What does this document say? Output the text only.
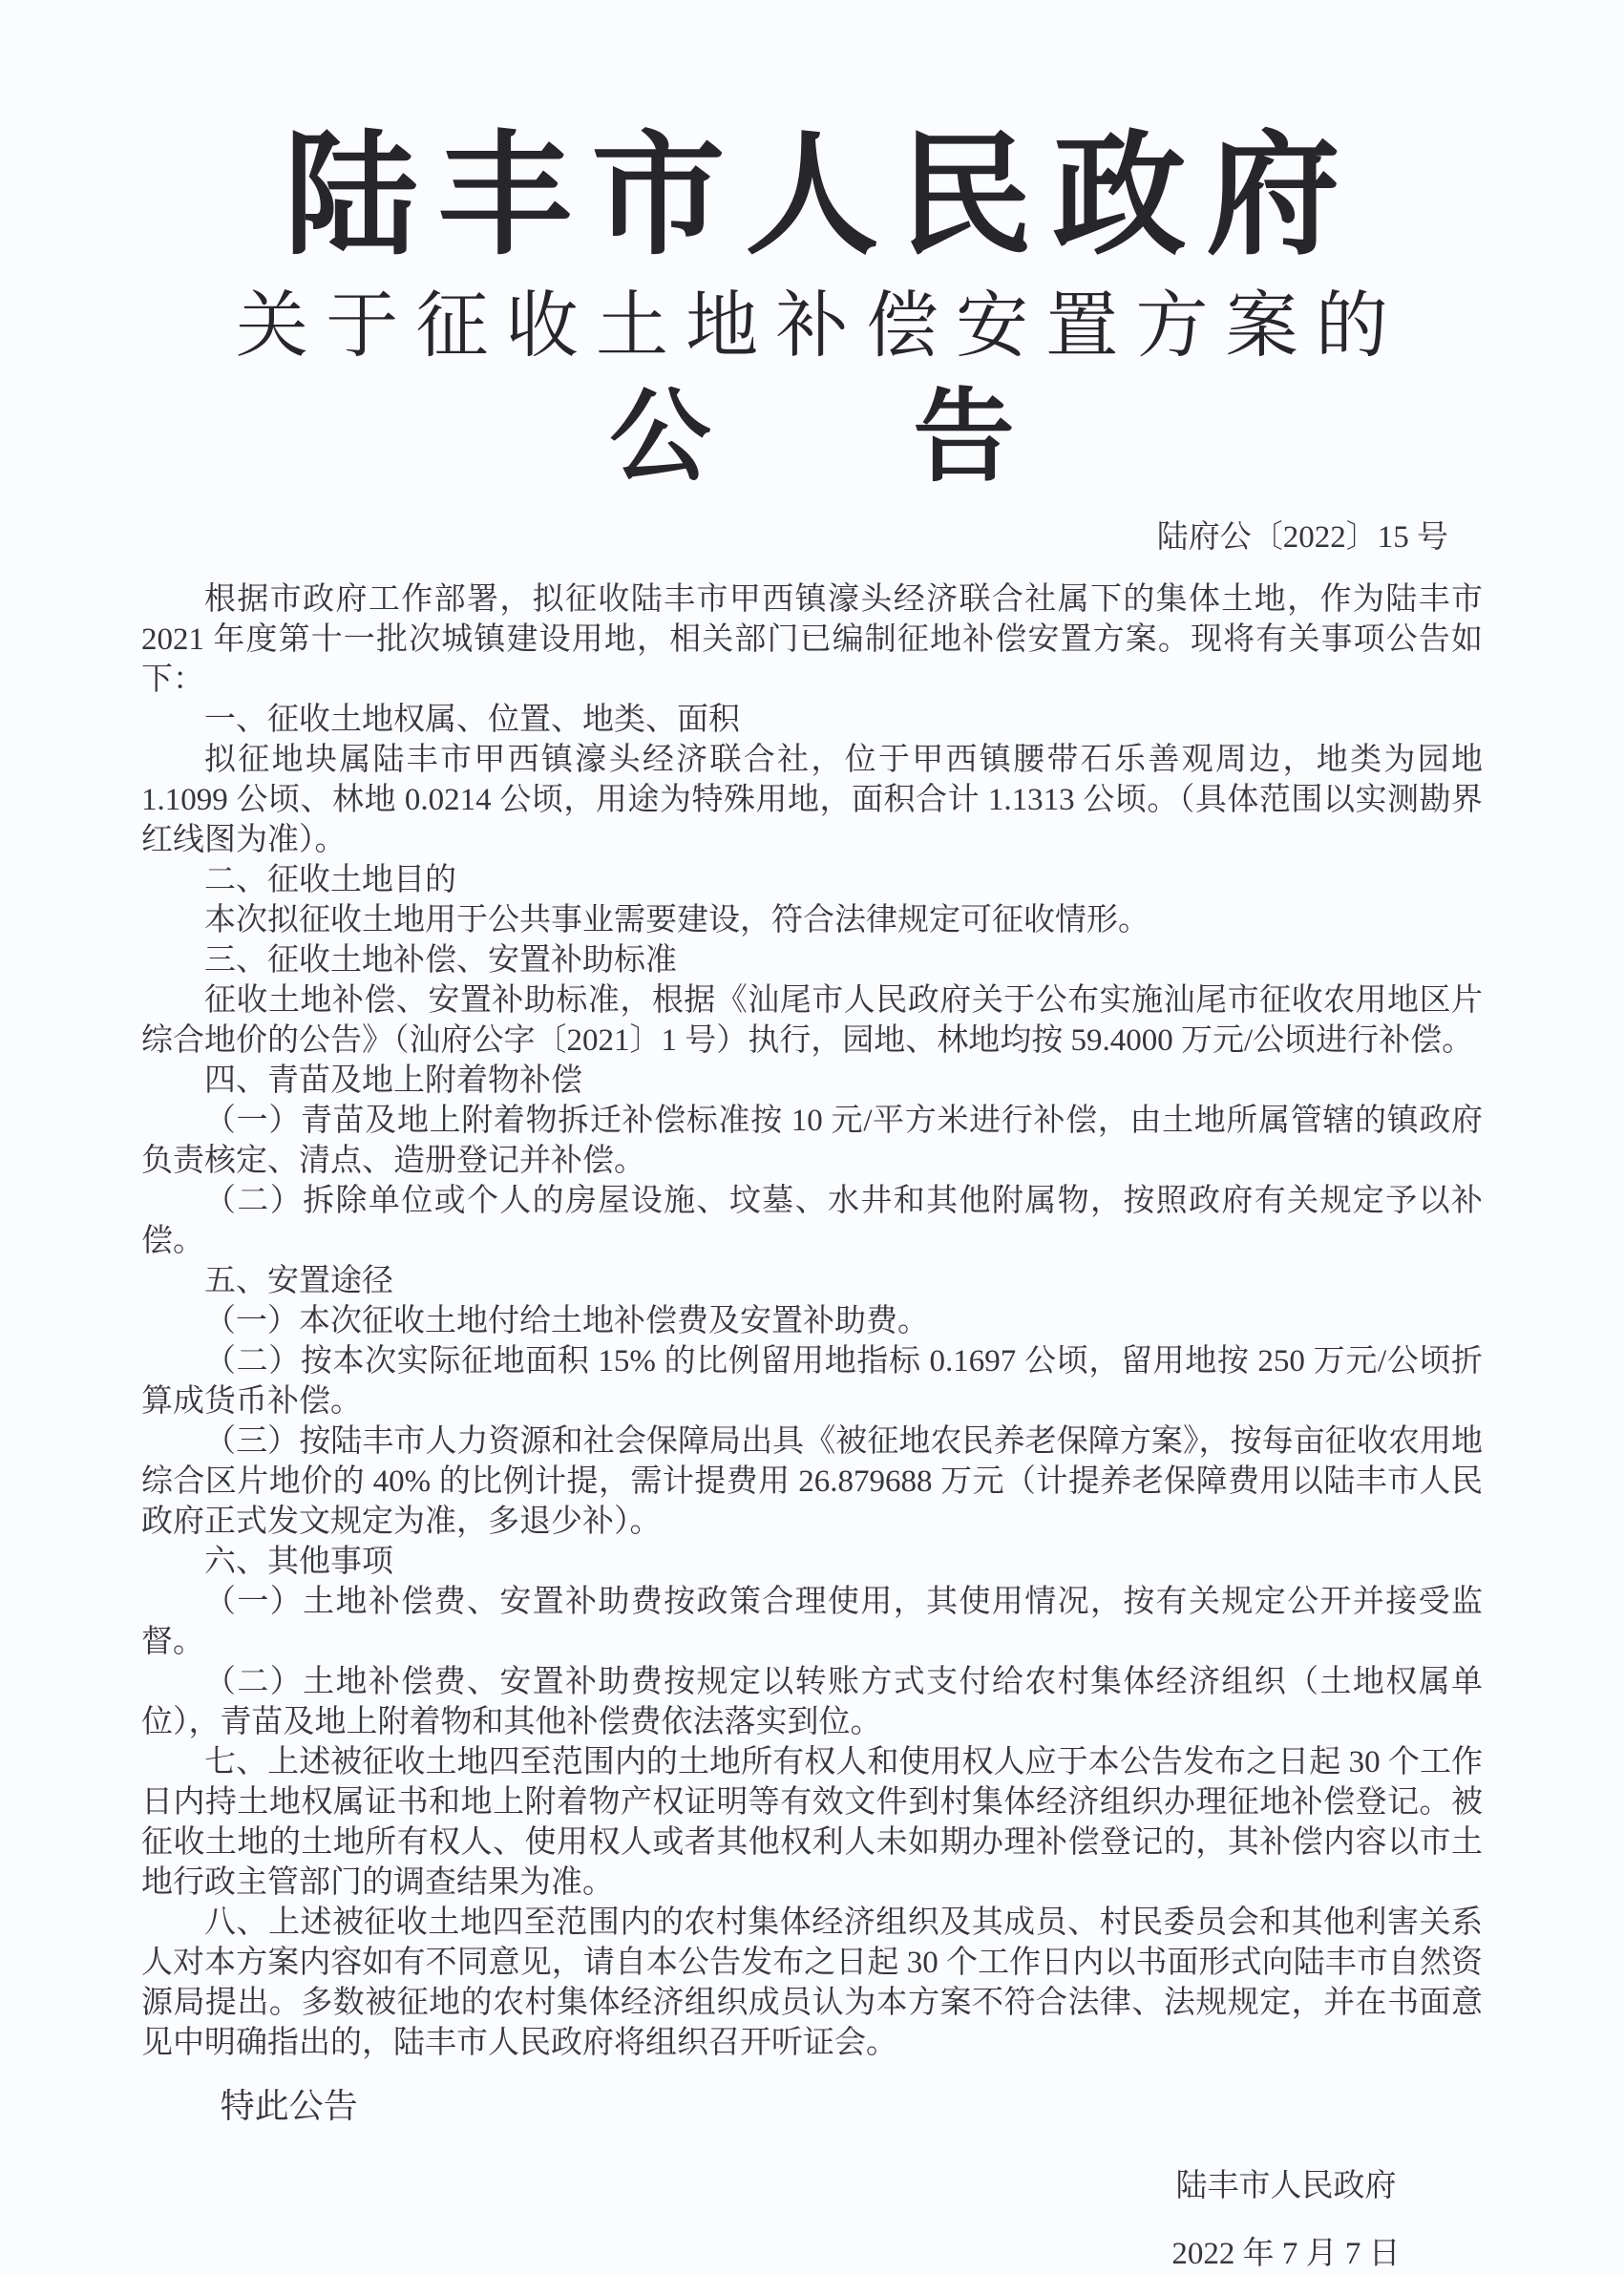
陆丰市人民政府
关于征收土地补偿安置方案的
公　　告
陆府公〔2022〕15 号

根据市政府工作部署，拟征收陆丰市甲西镇濠头经济联合社属下的集体土地，作为陆丰市 2021 年度第十一批次城镇建设用地，相关部门已编制征地补偿安置方案。现将有关事项公告如下：

一、征收土地权属、位置、地类、面积

拟征地块属陆丰市甲西镇濠头经济联合社，位于甲西镇腰带石乐善观周边，地类为园地 1.1099 公顷、林地 0.0214 公顷，用途为特殊用地，面积合计 1.1313 公顷。（具体范围以实测勘界红线图为准）。

二、征收土地目的

本次拟征收土地用于公共事业需要建设，符合法律规定可征收情形。

三、征收土地补偿、安置补助标准

征收土地补偿、安置补助标准，根据《汕尾市人民政府关于公布实施汕尾市征收农用地区片综合地价的公告》（汕府公字〔2021〕1 号）执行，园地、林地均按 59.4000 万元/公顷进行补偿。

四、青苗及地上附着物补偿

（一）青苗及地上附着物拆迁补偿标准按 10 元/平方米进行补偿，由土地所属管辖的镇政府负责核定、清点、造册登记并补偿。

（二）拆除单位或个人的房屋设施、坟墓、水井和其他附属物，按照政府有关规定予以补偿。

五、安置途径

（一）本次征收土地付给土地补偿费及安置补助费。

（二）按本次实际征地面积 15% 的比例留用地指标 0.1697 公顷，留用地按 250 万元/公顷折算成货币补偿。

（三）按陆丰市人力资源和社会保障局出具《被征地农民养老保障方案》，按每亩征收农用地综合区片地价的 40% 的比例计提，需计提费用 26.879688 万元（计提养老保障费用以陆丰市人民政府正式发文规定为准，多退少补）。

六、其他事项

（一）土地补偿费、安置补助费按政策合理使用，其使用情况，按有关规定公开并接受监督。

（二）土地补偿费、安置补助费按规定以转账方式支付给农村集体经济组织（土地权属单位），青苗及地上附着物和其他补偿费依法落实到位。

七、上述被征收土地四至范围内的土地所有权人和使用权人应于本公告发布之日起 30 个工作日内持土地权属证书和地上附着物产权证明等有效文件到村集体经济组织办理征地补偿登记。被征收土地的土地所有权人、使用权人或者其他权利人未如期办理补偿登记的，其补偿内容以市土地行政主管部门的调查结果为准。

八、上述被征收土地四至范围内的农村集体经济组织及其成员、村民委员会和其他利害关系人对本方案内容如有不同意见，请自本公告发布之日起 30 个工作日内以书面形式向陆丰市自然资源局提出。多数被征地的农村集体经济组织成员认为本方案不符合法律、法规规定，并在书面意见中明确指出的，陆丰市人民政府将组织召开听证会。

特此公告
陆丰市人民政府
2022 年 7 月 7 日
